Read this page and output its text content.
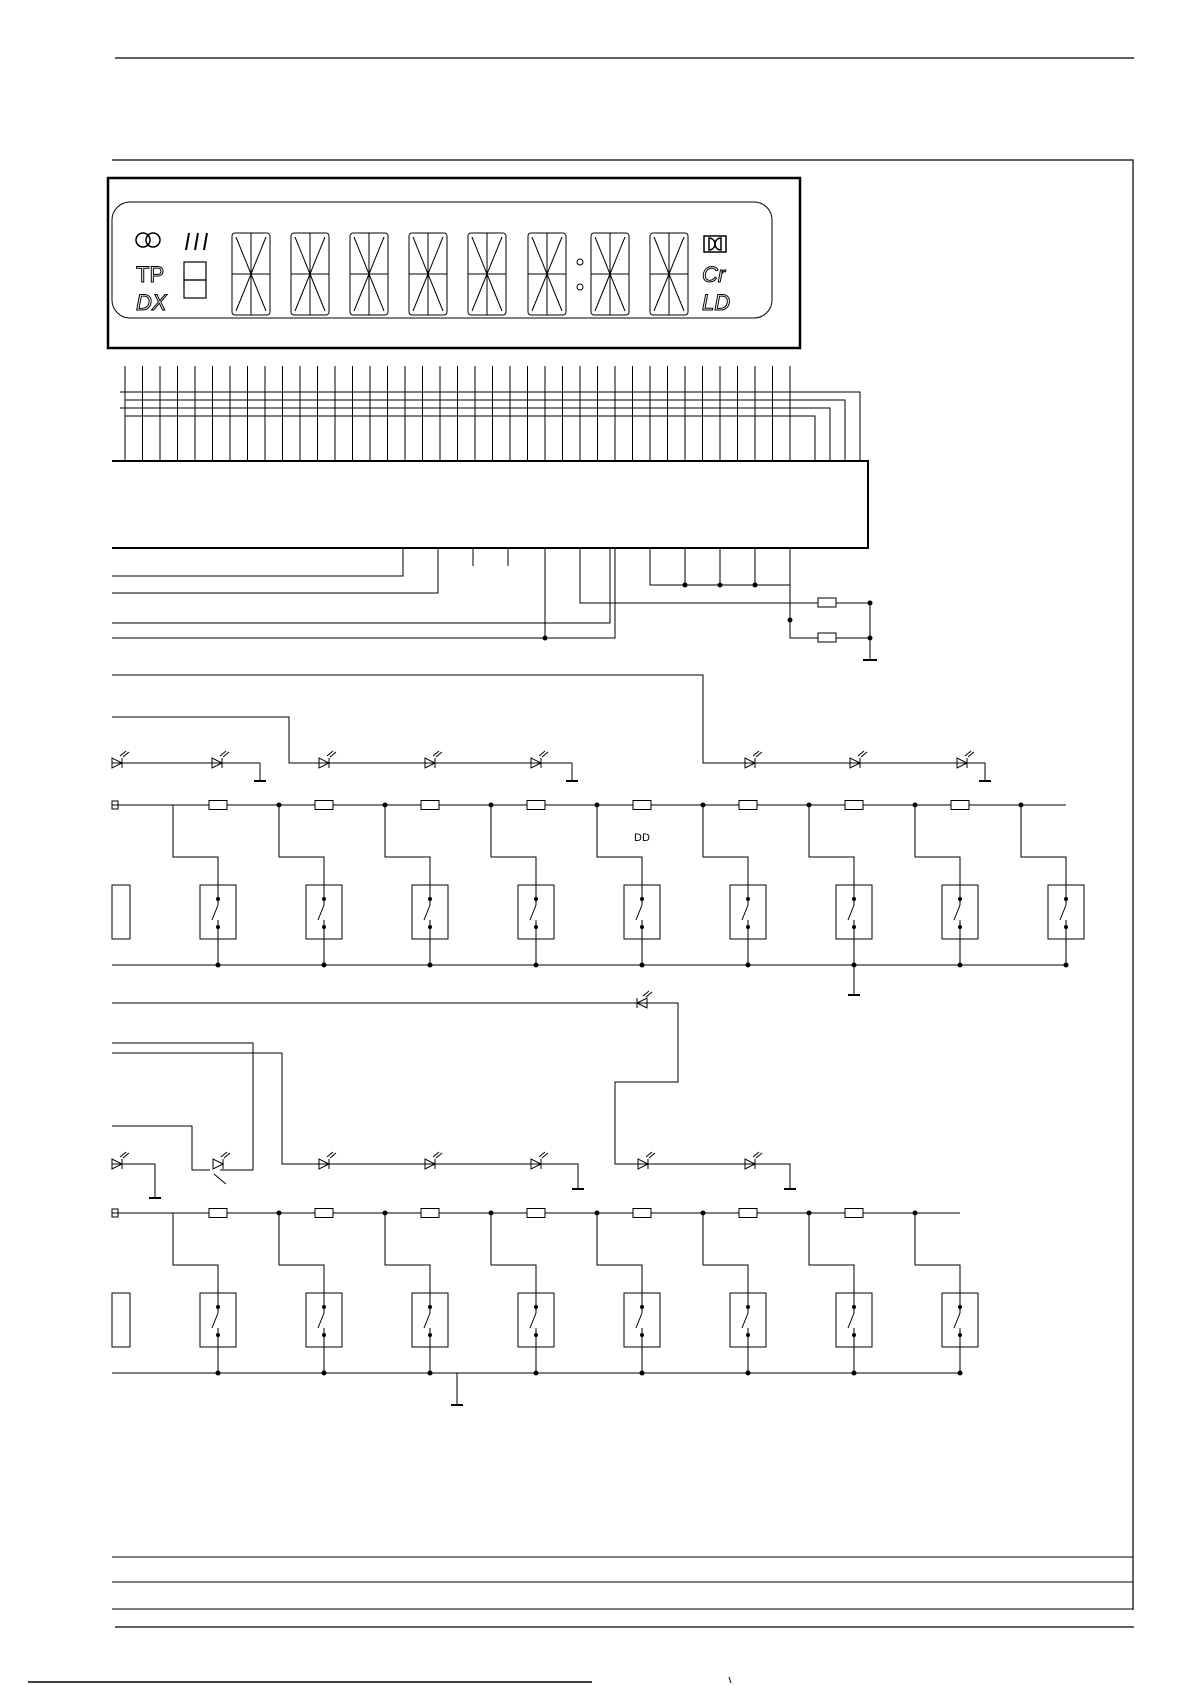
TP
DX
Cr
LD
DD
